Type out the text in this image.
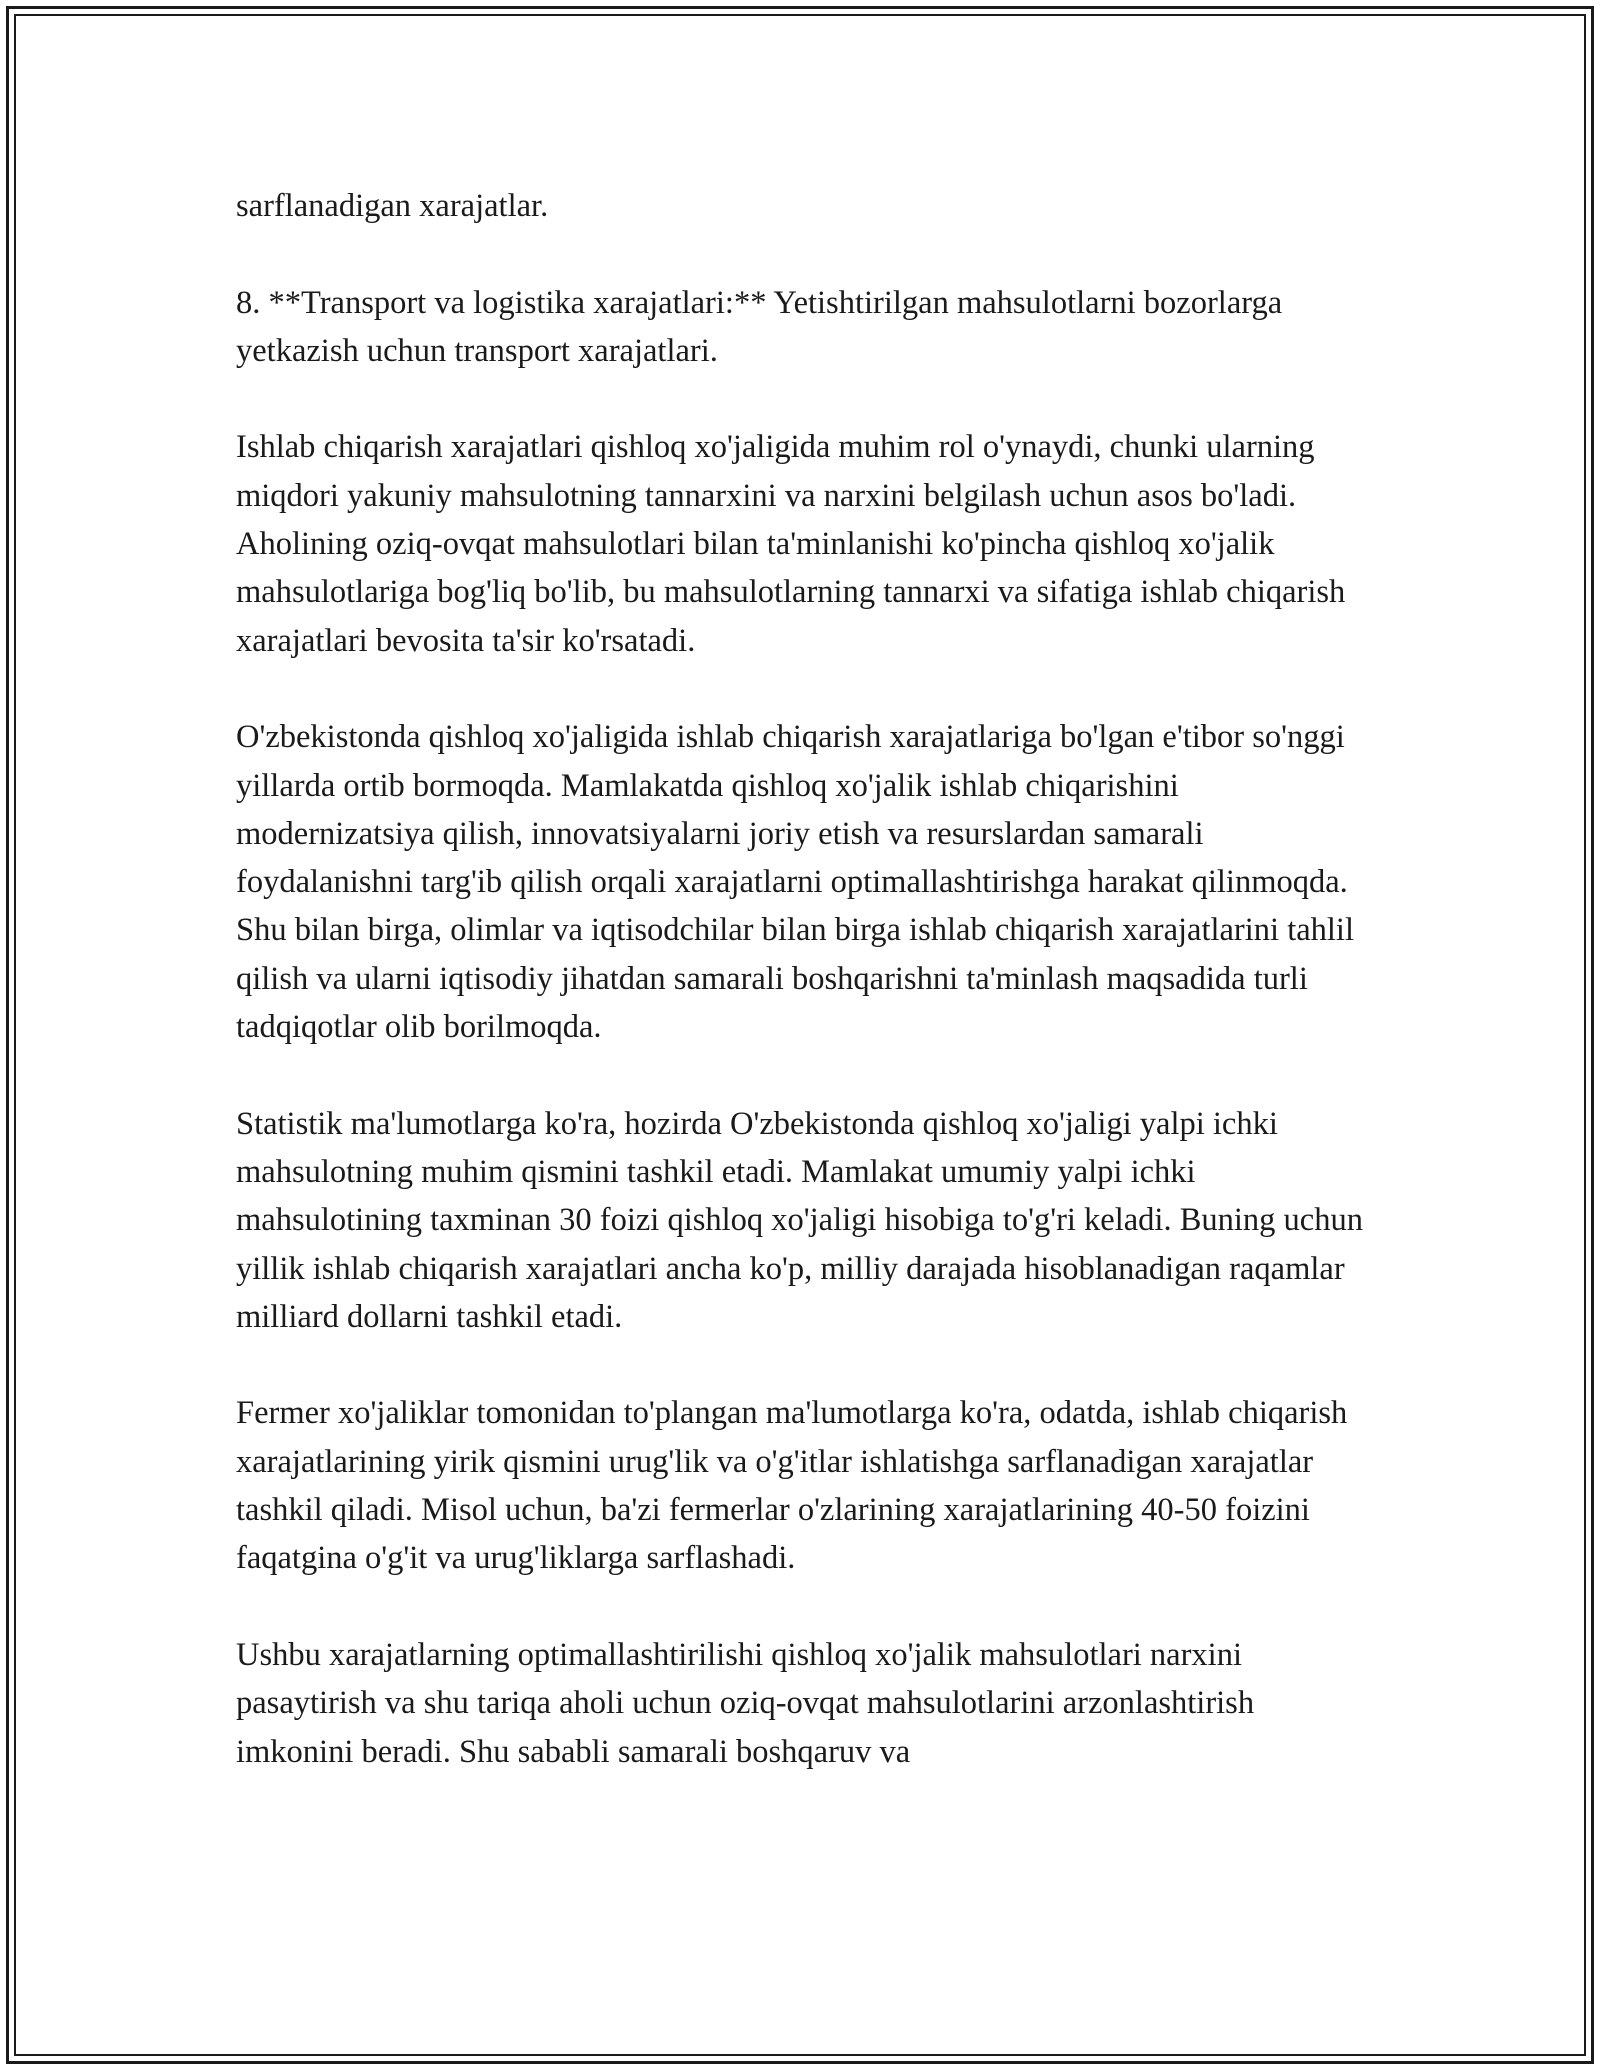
sarflanadigan xarajatlar.

8. **Transport va logistika xarajatlari:** Yetishtirilgan mahsulotlarni bozorlarga yetkazish uchun transport xarajatlari.

Ishlab chiqarish xarajatlari qishloq xo'jaligida muhim rol o'ynaydi, chunki ularning miqdori yakuniy mahsulotning tannarxini va narxini belgilash uchun asos bo'ladi. Aholining oziq-ovqat mahsulotlari bilan ta'minlanishi ko'pincha qishloq xo'jalik mahsulotlariga bog'liq bo'lib, bu mahsulotlarning tannarxi va sifatiga ishlab chiqarish xarajatlari bevosita ta'sir ko'rsatadi.

O'zbekistonda qishloq xo'jaligida ishlab chiqarish xarajatlariga bo'lgan e'tibor so'nggi yillarda ortib bormoqda. Mamlakatda qishloq xo'jalik ishlab chiqarishini modernizatsiya qilish, innovatsiyalarni joriy etish va resurslardan samarali foydalanishni targ'ib qilish orqali xarajatlarni optimallashtirishga harakat qilinmoqda. Shu bilan birga, olimlar va iqtisodchilar bilan birga ishlab chiqarish xarajatlarini tahlil qilish va ularni iqtisodiy jihatdan samarali boshqarishni ta'minlash maqsadida turli tadqiqotlar olib borilmoqda.

Statistik ma'lumotlarga ko'ra, hozirda O'zbekistonda qishloq xo'jaligi yalpi ichki mahsulotning muhim qismini tashkil etadi. Mamlakat umumiy yalpi ichki mahsulotining taxminan 30 foizi qishloq xo'jaligi hisobiga to'g'ri keladi. Buning uchun yillik ishlab chiqarish xarajatlari ancha ko'p, milliy darajada hisoblanadigan raqamlar milliard dollarni tashkil etadi.

Fermer xo'jaliklar tomonidan to'plangan ma'lumotlarga ko'ra, odatda, ishlab chiqarish xarajatlarining yirik qismini urug'lik va o'g'itlar ishlatishga sarflanadigan xarajatlar tashkil qiladi. Misol uchun, ba'zi fermerlar o'zlarining xarajatlarining 40-50 foizini faqatgina o'g'it va urug'liklarga sarflashadi.

Ushbu xarajatlarning optimallashtirilishi qishloq xo'jalik mahsulotlari narxini pasaytirish va shu tariqa aholi uchun oziq-ovqat mahsulotlarini arzonlashtirish imkonini beradi. Shu sababli samarali boshqaruv va
